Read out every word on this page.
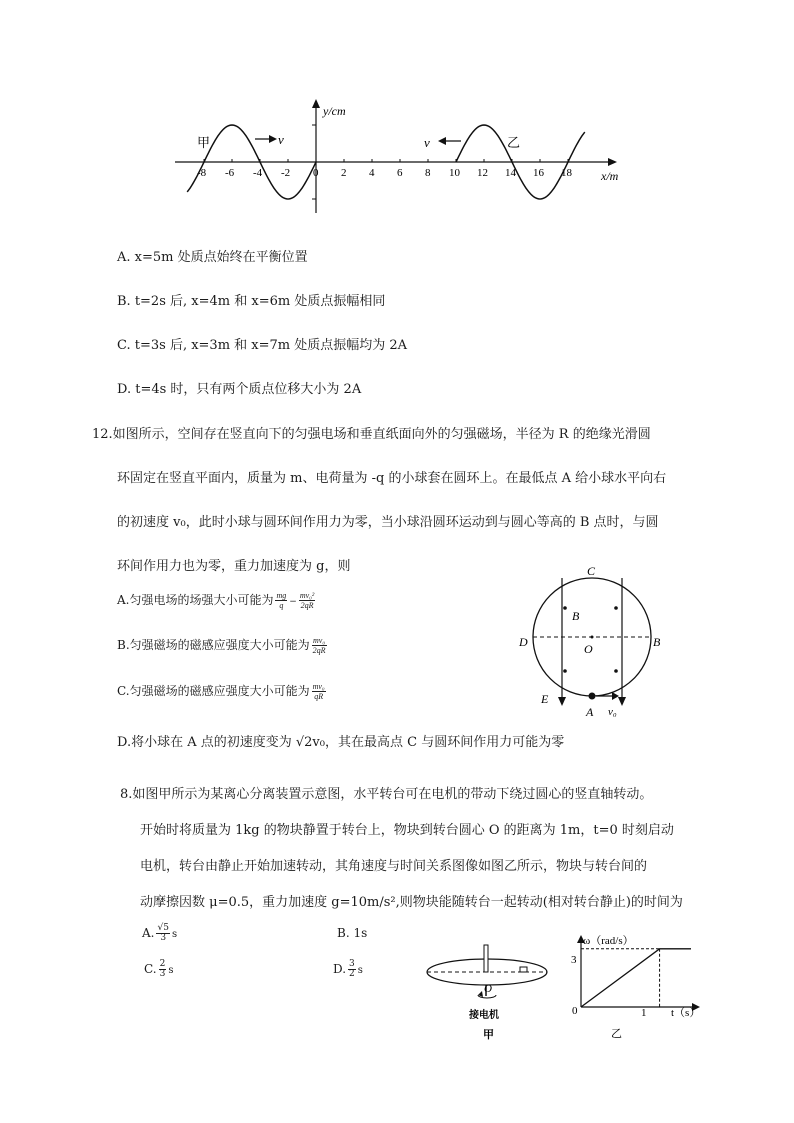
y/cm
x/m
-8 -6 -4 -2 0 2 4 6 8 10 12 14 16 18
甲	乙
v	v
A. x=5m 处质点始终在平衡位置
B. t=2s 后, x=4m 和 x=6m 处质点振幅相同
C. t=3s 后, x=3m 和 x=7m 处质点振幅均为 2A
D. t=4s 时，只有两个质点位移大小为 2A
12.如图所示，空间存在竖直向下的匀强电场和垂直纸面向外的匀强磁场，半径为 R 的绝缘光滑圆
环固定在竖直平面内，质量为 m、电荷量为 -q 的小球套在圆环上。在最低点 A 给小球水平向右
的初速度 v₀，此时小球与圆环间作用力为零，当小球沿圆环运动到与圆心等高的 B 点时，与圆
环间作用力也为零，重力加速度为 g，则
A.匀强电场的场强大小可能为 $\frac{mg}{q} - \frac{\text{mv₀²}}{2qR}$
B.匀强磁场的磁感应强度大小可能为 $\frac{\text{mv₀}}{2qR}$
C.匀强磁场的磁感应强度大小可能为 $\frac{\text{mv₀}}{qR}$
D.将小球在 A 点的初速度变为 √2v₀，其在最高点 C 与圆环间作用力可能为零
C
B
D	O	B
E
A v₀
8.如图甲所示为某离心分离装置示意图，水平转台可在电机的带动下绕过圆心的竖直轴转动。
开始时将质量为 1kg 的物块静置于转台上，物块到转台圆心 O 的距离为 1m，t=0 时刻启动
电机，转台由静止开始加速转动，其角速度与时间关系图像如图乙所示，物块与转台间的
动摩擦因数 μ=0.5，重力加速度 g=10m/s²,则物块能随转台一起转动(相对转台静止)的时间为
A. $\frac{√5}{3}$ s	B. 1s
C. $\frac{2}{3}$ s	D. $\frac{3}{2}$ s
O
接电机
甲
ω（rad/s）
t（s）
3
0	1
乙
